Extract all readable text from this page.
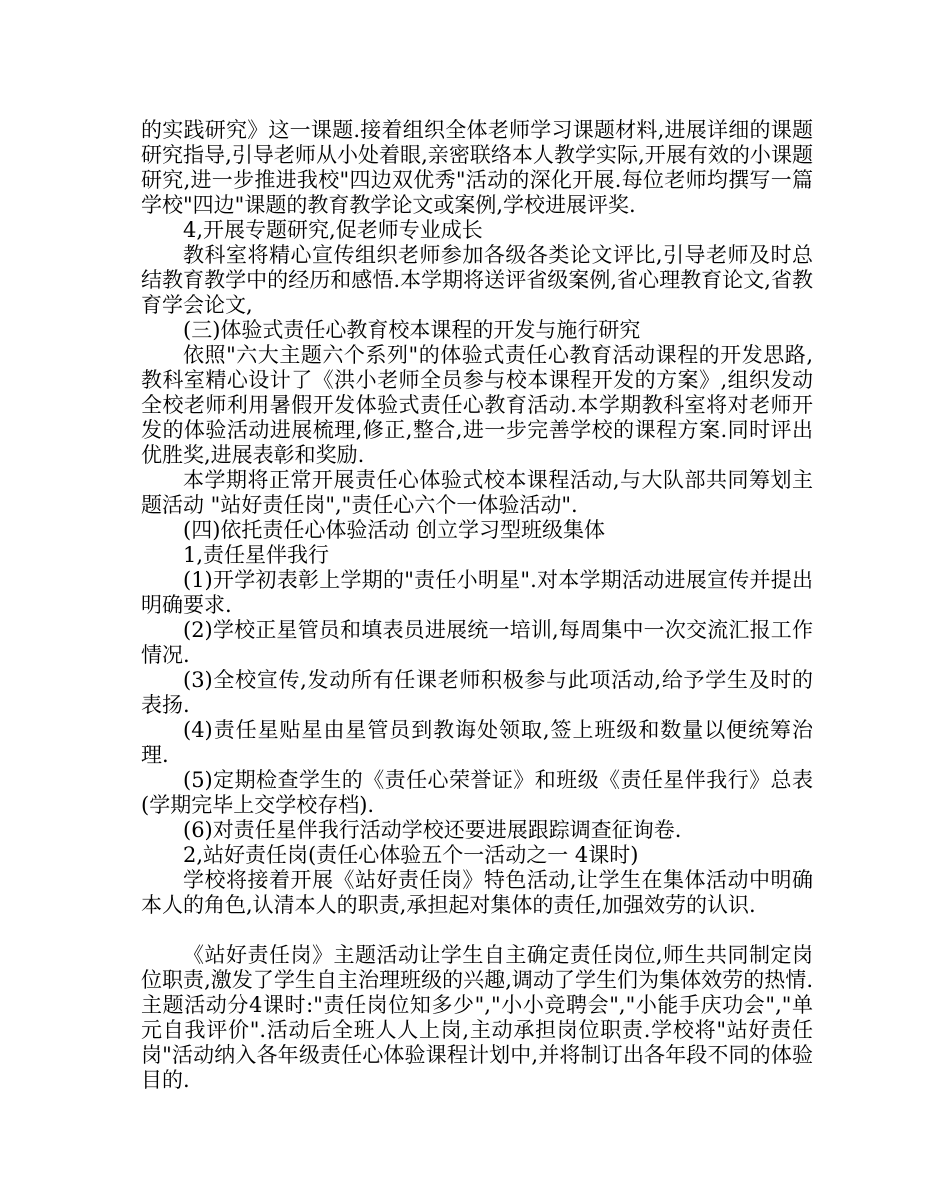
的实践研究》这一课题.接着组织全体老师学习课题材料,进展详细的课题研究指导,引导老师从小处着眼,亲密联络本人教学实际,开展有效的小课题研究,进一步推进我校"四边双优秀"活动的深化开展.每位老师均撰写一篇学校"四边"课题的教育教学论文或案例,学校进展评奖.

4,开展专题研究,促老师专业成长

教科室将精心宣传组织老师参加各级各类论文评比,引导老师及时总结教育教学中的经历和感悟.本学期将送评省级案例,省心理教育论文,省教育学会论文,

(三)体验式责任心教育校本课程的开发与施行研究

依照"六大主题六个系列"的体验式责任心教育活动课程的开发思路,教科室精心设计了《洪小老师全员参与校本课程开发的方案》,组织发动全校老师利用暑假开发体验式责任心教育活动.本学期教科室将对老师开发的体验活动进展梳理,修正,整合,进一步完善学校的课程方案.同时评出优胜奖,进展表彰和奖励.

本学期将正常开展责任心体验式校本课程活动,与大队部共同筹划主题活动 "站好责任岗","责任心六个一体验活动".

(四)依托责任心体验活动 创立学习型班级集体

1,责任星伴我行

(1)开学初表彰上学期的"责任小明星".对本学期活动进展宣传并提出明确要求.

(2)学校正星管员和填表员进展统一培训,每周集中一次交流汇报工作情况.

(3)全校宣传,发动所有任课老师积极参与此项活动,给予学生及时的表扬.

(4)责任星贴星由星管员到教诲处领取,签上班级和数量以便统筹治理.

(5)定期检查学生的《责任心荣誉证》和班级《责任星伴我行》总表(学期完毕上交学校存档).

(6)对责任星伴我行活动学校还要进展跟踪调查征询卷.

2,站好责任岗(责任心体验五个一活动之一 4课时)

学校将接着开展《站好责任岗》特色活动,让学生在集体活动中明确本人的角色,认清本人的职责,承担起对集体的责任,加强效劳的认识.

《站好责任岗》主题活动让学生自主确定责任岗位,师生共同制定岗位职责,激发了学生自主治理班级的兴趣,调动了学生们为集体效劳的热情.主题活动分4课时:"责任岗位知多少","小小竞聘会","小能手庆功会","单元自我评价".活动后全班人人上岗,主动承担岗位职责.学校将"站好责任岗"活动纳入各年级责任心体验课程计划中,并将制订出各年段不同的体验目的.
